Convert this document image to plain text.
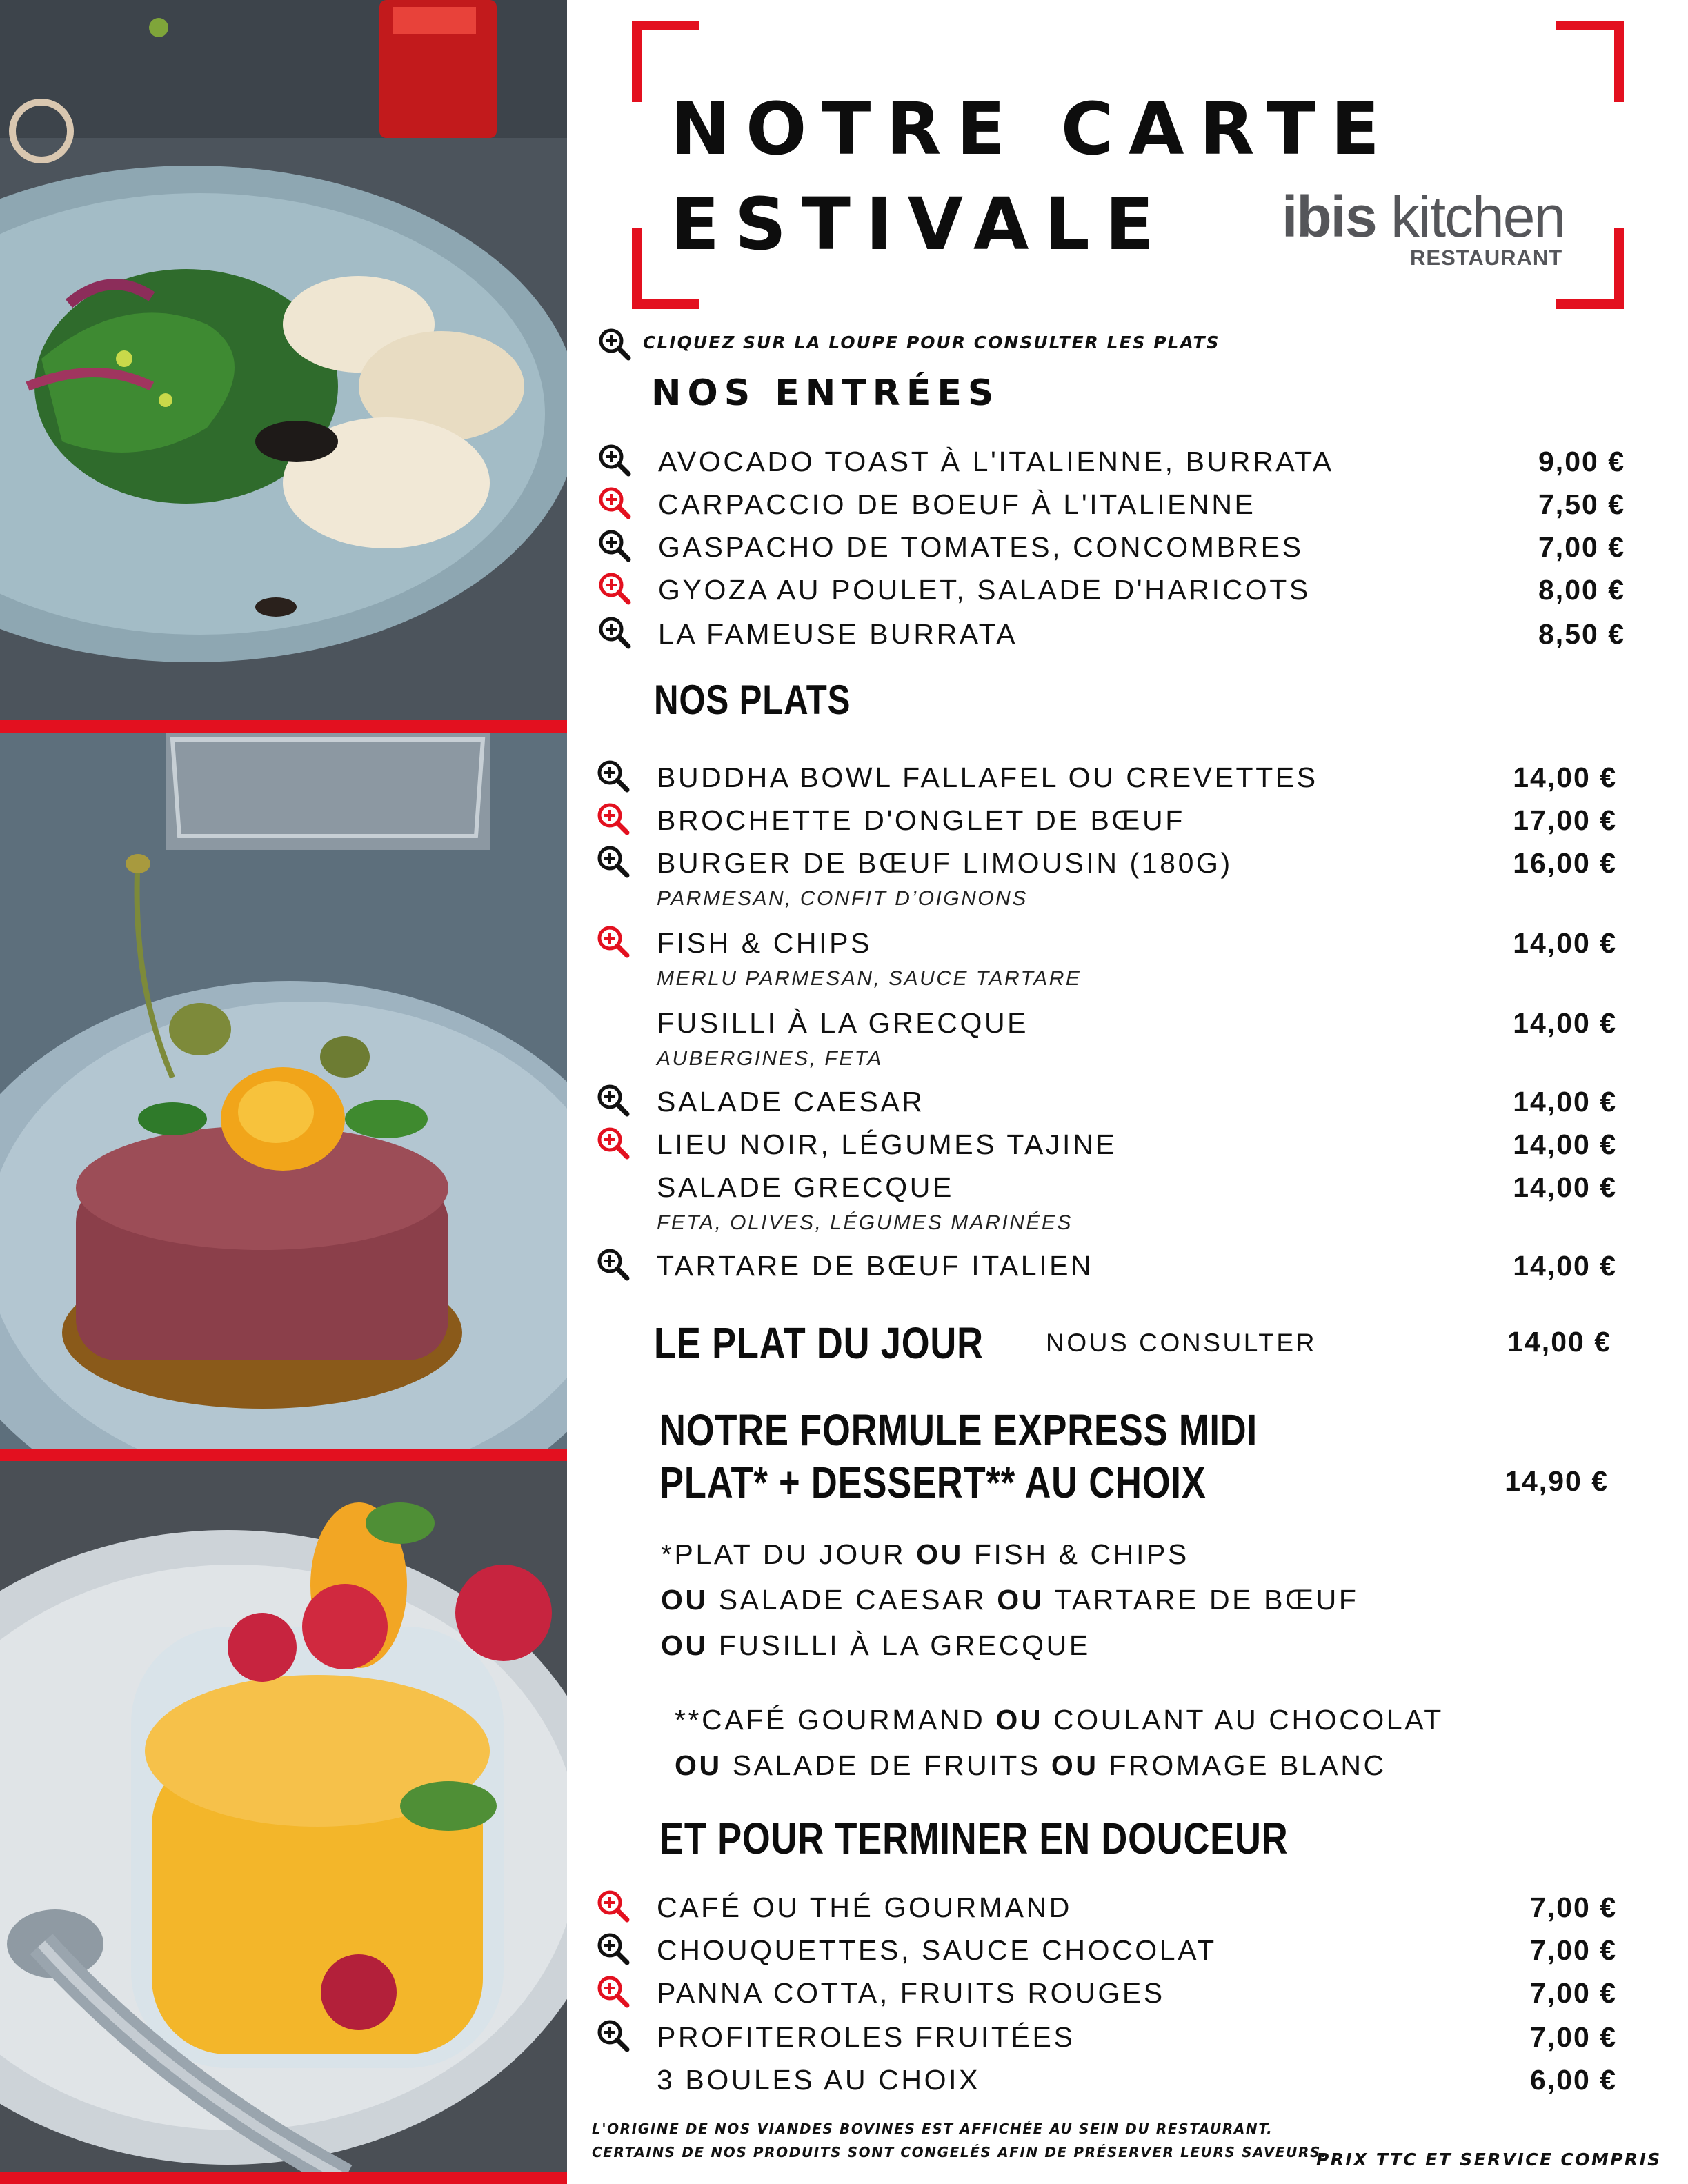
NOTRE CARTE
ESTIVALE	ibis kitchen
RESTAURANT
CLIQUEZ SUR LA LOUPE POUR CONSULTER LES PLATS
NOS ENTRÉES
AVOCADO TOAST À L'ITALIENNE, BURRATA	9,00 €
CARPACCIO DE BOEUF À L'ITALIENNE	7,50 €
GASPACHO DE TOMATES, CONCOMBRES	7,00 €
GYOZA AU POULET, SALADE D'HARICOTS	8,00 €
LA FAMEUSE BURRATA	8,50 €
NOS PLATS
BUDDHA BOWL FALLAFEL OU CREVETTES	14,00 €
BROCHETTE D'ONGLET DE BŒUF	17,00 €
BURGER DE BŒUF LIMOUSIN (180G)	16,00 €
PARMESAN, CONFIT D’OIGNONS
FISH & CHIPS	14,00 €
MERLU PARMESAN, SAUCE TARTARE
FUSILLI À LA GRECQUE	14,00 €
AUBERGINES, FETA
SALADE CAESAR	14,00 €
LIEU NOIR, LÉGUMES TAJINE	14,00 €
SALADE GRECQUE	14,00 €
FETA, OLIVES, LÉGUMES MARINÉES
TARTARE DE BŒUF ITALIEN	14,00 €
LE PLAT DU JOUR NOUS CONSULTER	14,00 €
NOTRE FORMULE EXPRESS MIDI
PLAT* + DESSERT** AU CHOIX	14,90 €
*PLAT DU JOUR OU FISH & CHIPS
OU SALADE CAESAR OU TARTARE DE BŒUF
OU FUSILLI À LA GRECQUE
**CAFÉ GOURMAND OU COULANT AU CHOCOLAT
OU SALADE DE FRUITS OU FROMAGE BLANC
ET POUR TERMINER EN DOUCEUR
CAFÉ OU THÉ GOURMAND	7,00 €
CHOUQUETTES, SAUCE CHOCOLAT	7,00 €
PANNA COTTA, FRUITS ROUGES	7,00 €
PROFITEROLES FRUITÉES	7,00 €
3 BOULES AU CHOIX	6,00 €
L'ORIGINE DE NOS VIANDES BOVINES EST AFFICHÉE AU SEIN DU RESTAURANT.
CERTAINS DE NOS PRODUITS SONT CONGELÉS AFIN DE PRÉSERVER LEURS SAVEURS.
PRIX TTC ET SERVICE COMPRIS
